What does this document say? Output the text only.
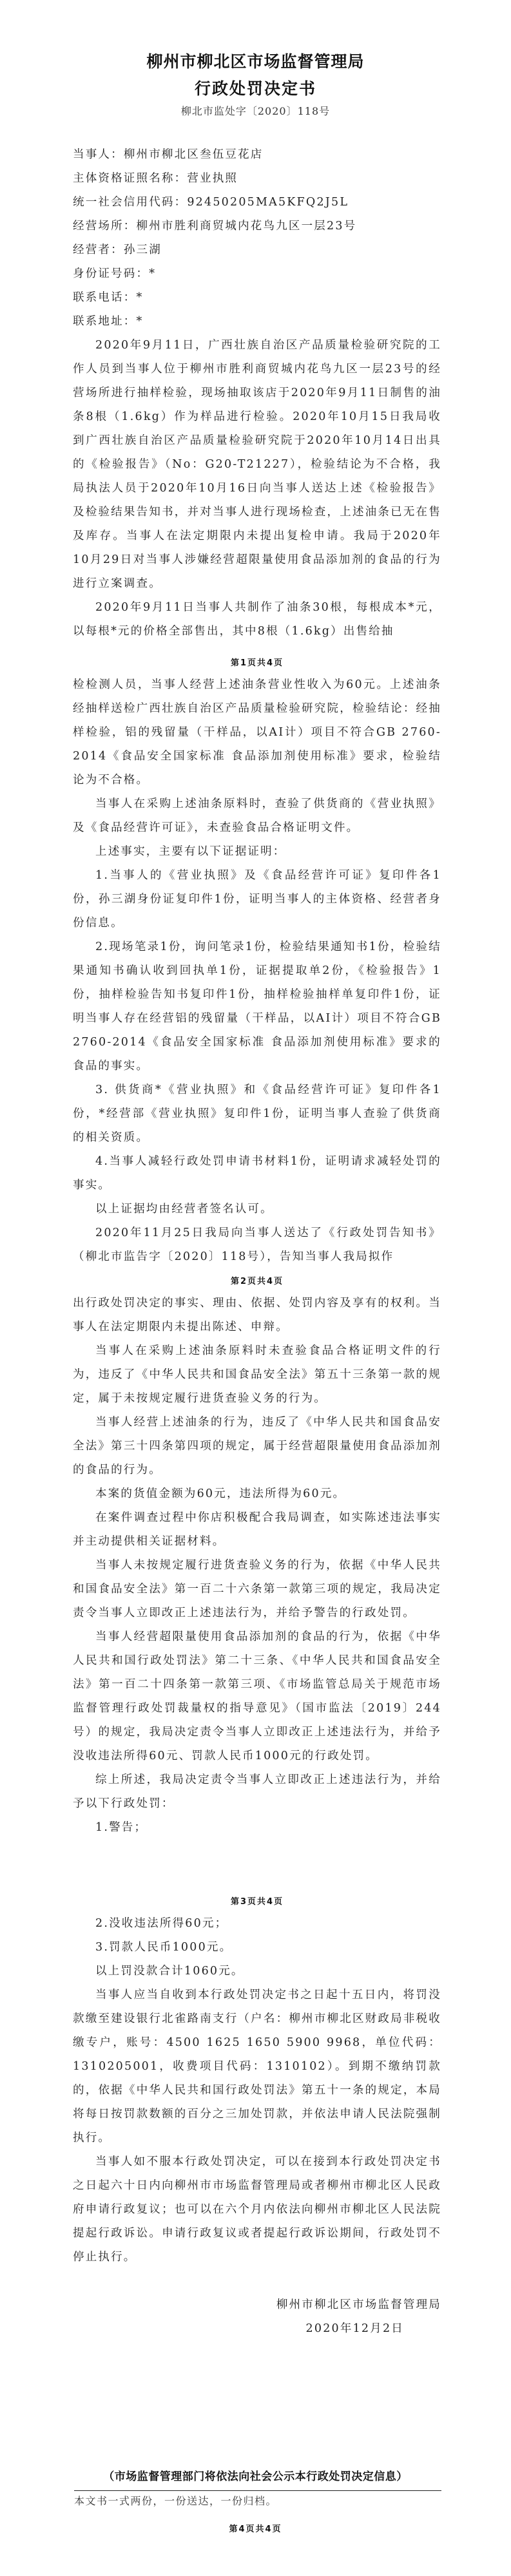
柳州市柳北区市场监督管理局
行政处罚决定书
柳北市监处字〔2020〕118号

当事人：柳州市柳北区叁伍豆花店

主体资格证照名称：营业执照

统一社会信用代码：92450205MA5KFQ2J5L

经营场所：柳州市胜利商贸城内花鸟九区一层23号

经营者：孙三湖

身份证号码：*

联系电话：*

联系地址：*

2020年9月11日，广西壮族自治区产品质量检验研究院的工作人员到当事人位于柳州市胜利商贸城内花鸟九区一层23号的经营场所进行抽样检验，现场抽取该店于2020年9月11日制售的油条8根（1.6kg）作为样品进行检验。2020年10月15日我局收到广西壮族自治区产品质量检验研究院于2020年10月14日出具的《检验报告》（No：G20-T21227），检验结论为不合格，我局执法人员于2020年10月16日向当事人送达上述《检验报告》及检验结果告知书，并对当事人进行现场检查，上述油条已无在售及库存。当事人在法定期限内未提出复检申请。我局于2020年10月29日对当事人涉嫌经营超限量使用食品添加剂的食品的行为进行立案调查。

2020年9月11日当事人共制作了油条30根，每根成本*元，以每根*元的价格全部售出，其中8根（1.6kg）出售给抽

第1页共4页

检检测人员，当事人经营上述油条营业性收入为60元。上述油条经抽样送检广西壮族自治区产品质量检验研究院，检验结论：经抽样检验，铝的残留量（干样品，以AI计）项目不符合GB 2760-2014《食品安全国家标准 食品添加剂使用标准》要求，检验结论为不合格。

当事人在采购上述油条原料时，查验了供货商的《营业执照》及《食品经营许可证》，未查验食品合格证明文件。

上述事实，主要有以下证据证明：

1.当事人的《营业执照》及《食品经营许可证》复印件各1份，孙三湖身份证复印件1份，证明当事人的主体资格、经营者身份信息。

2.现场笔录1份，询问笔录1份，检验结果通知书1份，检验结果通知书确认收到回执单1份，证据提取单2份，《检验报告》1份，抽样检验告知书复印件1份，抽样检验抽样单复印件1份，证明当事人存在经营铝的残留量（干样品，以AI计）项目不符合GB 2760-2014《食品安全国家标准 食品添加剂使用标准》要求的食品的事实。

3. 供货商*《营业执照》和《食品经营许可证》复印件各1份，*经营部《营业执照》复印件1份，证明当事人查验了供货商的相关资质。

4.当事人减轻行政处罚申请书材料1份，证明请求减轻处罚的事实。

以上证据均由经营者签名认可。

2020年11月25日我局向当事人送达了《行政处罚告知书》（柳北市监告字〔2020〕118号），告知当事人我局拟作

第2页共4页

出行政处罚决定的事实、理由、依据、处罚内容及享有的权利。当事人在法定期限内未提出陈述、申辩。

当事人在采购上述油条原料时未查验食品合格证明文件的行为，违反了《中华人民共和国食品安全法》第五十三条第一款的规定，属于未按规定履行进货查验义务的行为。

当事人经营上述油条的行为，违反了《中华人民共和国食品安全法》第三十四条第四项的规定，属于经营超限量使用食品添加剂的食品的行为。

本案的货值金额为60元，违法所得为60元。

在案件调查过程中你店积极配合我局调查，如实陈述违法事实并主动提供相关证据材料。

当事人未按规定履行进货查验义务的行为，依据《中华人民共和国食品安全法》第一百二十六条第一款第三项的规定，我局决定责令当事人立即改正上述违法行为，并给予警告的行政处罚。

当事人经营超限量使用食品添加剂的食品的行为，依据《中华人民共和国行政处罚法》第二十三条、《中华人民共和国食品安全法》第一百二十四条第一款第三项、《市场监管总局关于规范市场监督管理行政处罚裁量权的指导意见》（国市监法〔2019〕244号）的规定，我局决定责令当事人立即改正上述违法行为，并给予没收违法所得60元、罚款人民币1000元的行政处罚。

综上所述，我局决定责令当事人立即改正上述违法行为，并给予以下行政处罚：

1.警告；

第3页共4页

2.没收违法所得60元；

3.罚款人民币1000元。

以上罚没款合计1060元。

当事人应当自收到本行政处罚决定书之日起十五日内，将罚没款缴至建设银行北雀路南支行（户名：柳州市柳北区财政局非税收缴专户，账号：4500 1625 1650 5900 9968，单位代码：1310205001，收费项目代码：1310102）。到期不缴纳罚款的，依据《中华人民共和国行政处罚法》第五十一条的规定，本局将每日按罚款数额的百分之三加处罚款，并依法申请人民法院强制执行。

当事人如不服本行政处罚决定，可以在接到本行政处罚决定书之日起六十日内向柳州市市场监督管理局或者柳州市柳北区人民政府申请行政复议；也可以在六个月内依法向柳州市柳北区人民法院提起行政诉讼。申请行政复议或者提起行政诉讼期间，行政处罚不停止执行。

柳州市柳北区市场监督管理局

2020年12月2日

（市场监督管理部门将依法向社会公示本行政处罚决定信息）
本文书一式两份，一份送达，一份归档。
第4页共4页
